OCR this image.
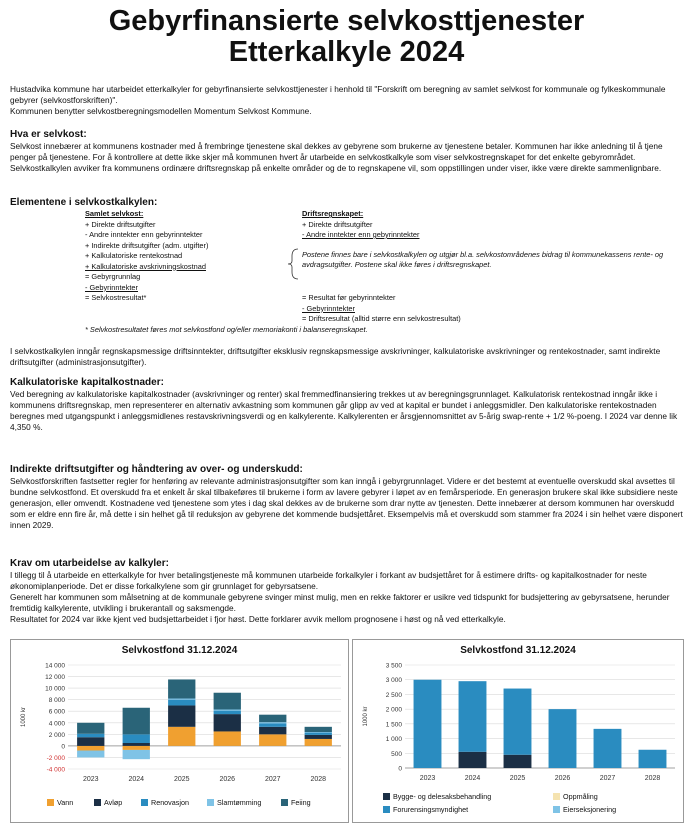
Gebyrfinansierte selvkosttjenester
Etterkalkyle 2024

Hustadvika kommune har utarbeidet etterkalkyler for gebyrfinansierte selvkosttjenester i henhold til "Forskrift om beregning av samlet selvkost for kommunale og fylkeskommunale gebyrer (selvkostforskriften)".

Kommunen benytter selvkostberegningsmodellen Momentum Selvkost Kommune.

Hva er selvkost:

Selvkost innebærer at kommunens kostnader med å frembringe tjenestene skal dekkes av gebyrene som brukerne av tjenestene betaler. Kommunen har ikke anledning til å tjene penger på tjenestene. For å kontrollere at dette ikke skjer må kommunen hvert år utarbeide en selvkostkalkyle som viser selvkostregnskapet for det enkelte gebyrområdet. Selvkostkalkylen avviker fra kommunens ordinære driftsregnskap på enkelte områder og de to regnskapene vil, som oppstillingen under viser, ikke være direkte sammenlignbare.

Elementene i selvkostkalkylen:
Samlet selvkost:
+ Direkte driftsutgifter
- Andre inntekter enn gebyrinntekter
+ Indirekte driftsutgifter (adm. utgifter)
+ Kalkulatoriske rentekostnad
+ Kalkulatoriske avskrivningskostnad
= Gebyrgrunnlag
- Gebyrinntekter
= Selvkostresultat*
Driftsregnskapet:
+ Direkte driftsutgifter
- Andre inntekter enn gebyrinntekter
Postene finnes bare i selvkostkalkylen og utgjør bl.a. selvkostområdenes bidrag til kommunekassens rente- og avdragsutgifter. Postene skal ikke føres i driftsregnskapet.
= Resultat før gebyrinntekter
- Gebyrinntekter
= Driftsresultat (alltid større enn selvkostresultat)
* Selvkostresultatet føres mot selvkostfond og/eller memoriakonti i balanseregnskapet.

I selvkostkalkylen inngår regnskapsmessige driftsinntekter, driftsutgifter eksklusiv regnskapsmessige avskrivninger, kalkulatoriske avskrivninger og rentekostnader, samt indirekte driftsutgifter (administrasjonsutgifter).

Kalkulatoriske kapitalkostnader:

Ved beregning av kalkulatoriske kapitalkostnader (avskrivninger og renter) skal fremmedfinansiering trekkes ut av beregningsgrunnlaget. Kalkulatorisk rentekostnad inngår ikke i kommunens driftsregnskap, men representerer en alternativ avkastning som kommunen går glipp av ved at kapital er bundet i anleggsmidler. Den kalkulatoriske rentekostnaden beregnes med utgangspunkt i anleggsmidlenes restavskrivningsverdi og en kalkylerente. Kalkylerenten er årsgjennomsnittet av 5-årig swap-rente + 1/2 %-poeng. I 2024 var denne lik 4,350 %.

Indirekte driftsutgifter og håndtering av over- og underskudd:

Selvkostforskriften fastsetter regler for henføring av relevante administrasjonsutgifter som kan inngå i gebyrgrunnlaget. Videre er det bestemt at eventuelle overskudd skal avsettes til bundne selvkostfond. Et overskudd fra et enkelt år skal tilbakeføres til brukerne i form av lavere gebyrer i løpet av en femårsperiode. En generasjon brukere skal ikke subsidiere neste generasjon, eller omvendt. Kostnadene ved tjenestene som ytes i dag skal dekkes av de brukerne som drar nytte av tjenesten. Dette innebærer at dersom kommunen har overskudd som er eldre enn fire år, må dette i sin helhet gå til reduksjon av gebyrene det kommende budsjettåret. Eksempelvis må et overskudd som stammer fra 2024 i sin helhet være disponert innen 2029.

Krav om utarbeidelse av kalkyler:

I tillegg til å utarbeide en etterkalkyle for hver betalingstjeneste må kommunen utarbeide forkalkyler i forkant av budsjettåret for å estimere drifts- og kapitalkostnader for neste økonomiplanperiode. Det er disse forkalkylene som gir grunnlaget for gebyrsatsene.

Generelt har kommunen som målsetning at de kommunale gebyrene svinger minst mulig, men en rekke faktorer er usikre ved tidspunkt for budsjettering av gebyrsatsene, herunder fremtidig kalkylerente, utvikling i brukerantall og saksmengde.

Resultatet for 2024 var ikke kjent ved budsjettarbeidet i fjor høst. Dette forklarer avvik mellom prognosene i høst og nå ved etterkalkyle.

Selvkostfond 31.12.2024
14 000
12 000
10 000
8 000
6 000
4 000
2 000
0
-2 000
-4 000
1000 kr
2023	2024	2025	2026	2027	2028
Vann	Avløp	Renovasjon	Slamtømming	Feiing
Selvkostfond 31.12.2024
3 500
3 000
2 500
2 000
1 500
1 000
500
0
1000 kr
2023	2024	2025	2026	2027	2028
Bygge- og delesaksbehandling	Oppmåling
Forurensingsmyndighet	Eierseksjonering
